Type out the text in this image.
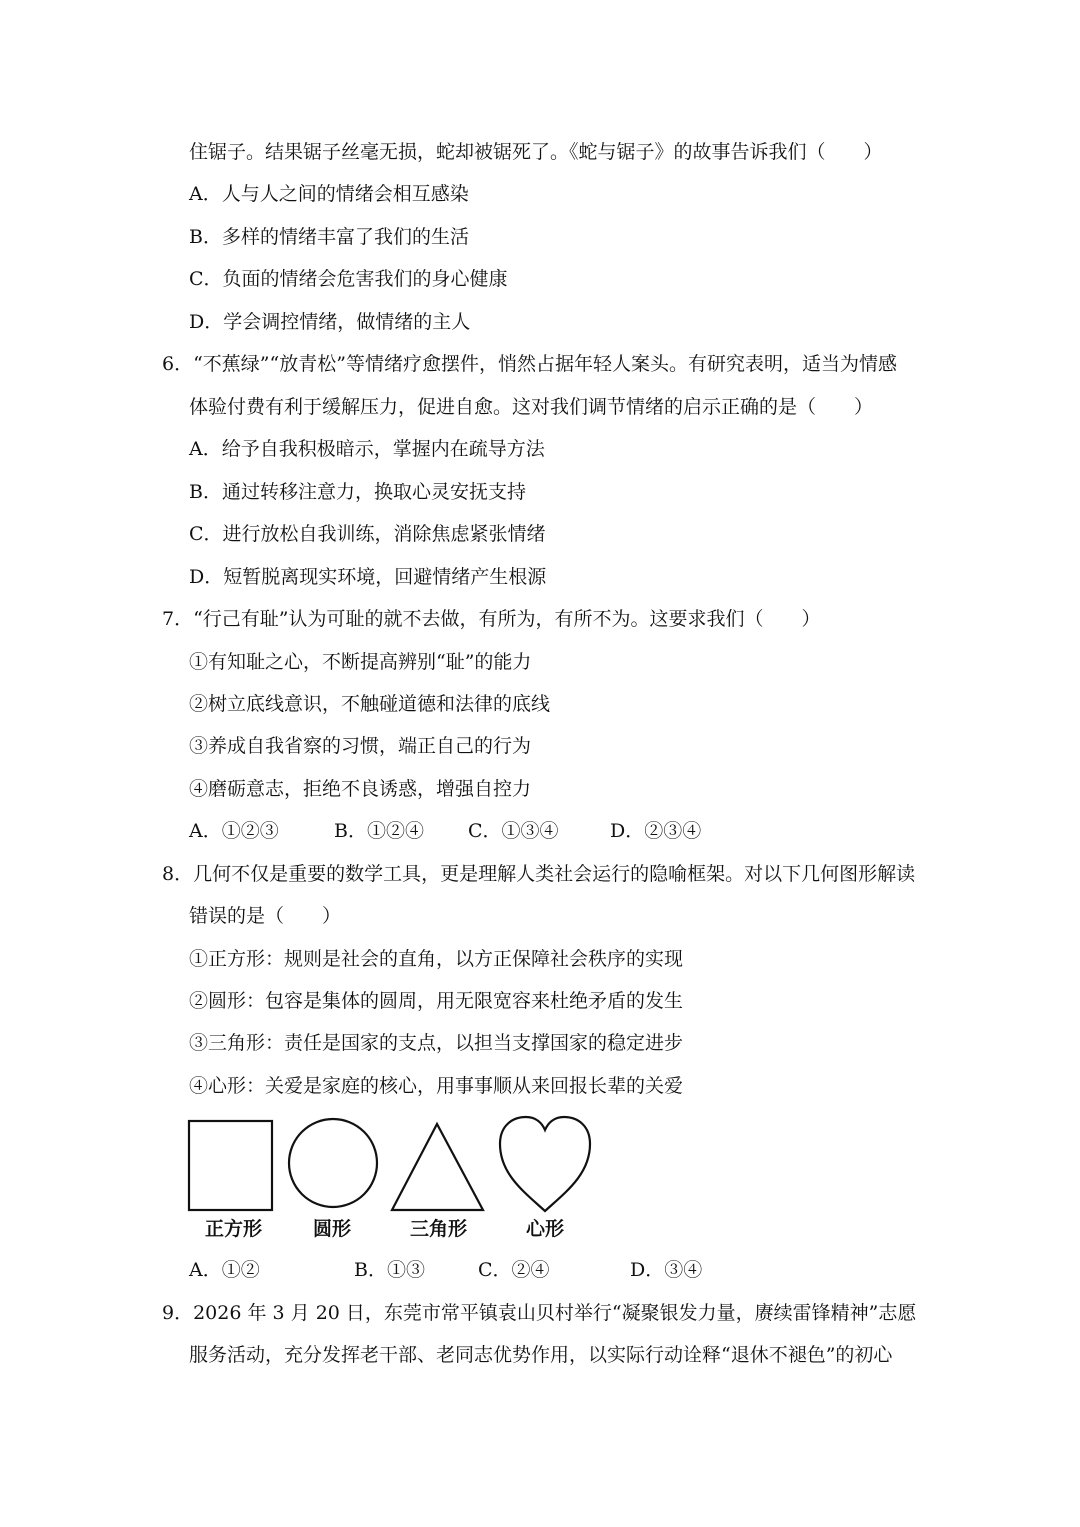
住锯子。结果锯子丝毫无损，蛇却被锯死了。《蛇与锯子》的故事告诉我们（　　）
A．人与人之间的情绪会相互感染
B．多样的情绪丰富了我们的生活
C．负面的情绪会危害我们的身心健康
D．学会调控情绪，做情绪的主人
6．“不蕉绿”“放青松”等情绪疗愈摆件，悄然占据年轻人案头。有研究表明，适当为情感
体验付费有利于缓解压力，促进自愈。这对我们调节情绪的启示正确的是（　　）
A．给予自我积极暗示，掌握内在疏导方法
B．通过转移注意力，换取心灵安抚支持
C．进行放松自我训练，消除焦虑紧张情绪
D．短暂脱离现实环境，回避情绪产生根源
7．“行己有耻”认为可耻的就不去做，有所为，有所不为。这要求我们（　　）
①有知耻之心，不断提高辨别“耻”的能力
②树立底线意识，不触碰道德和法律的底线
③养成自我省察的习惯，端正自己的行为
④磨砺意志，拒绝不良诱惑，增强自控力
A．①②③	B．①②④ C．①③④	D．②③④
8．几何不仅是重要的数学工具，更是理解人类社会运行的隐喻框架。对以下几何图形解读
错误的是（　　）
①正方形：规则是社会的直角，以方正保障社会秩序的实现
②圆形：包容是集体的圆周，用无限宽容来杜绝矛盾的发生
③三角形：责任是国家的支点，以担当支撑国家的稳定进步
④心形：关爱是家庭的核心，用事事顺从来回报长辈的关爱
正方形	圆形	三角形	心形
A．①②	B．①③	C．②④	D．③④
9．2026 年 3 月 20 日，东莞市常平镇袁山贝村举行“凝聚银发力量，赓续雷锋精神”志愿
服务活动，充分发挥老干部、老同志优势作用，以实际行动诠释“退休不褪色”的初心
